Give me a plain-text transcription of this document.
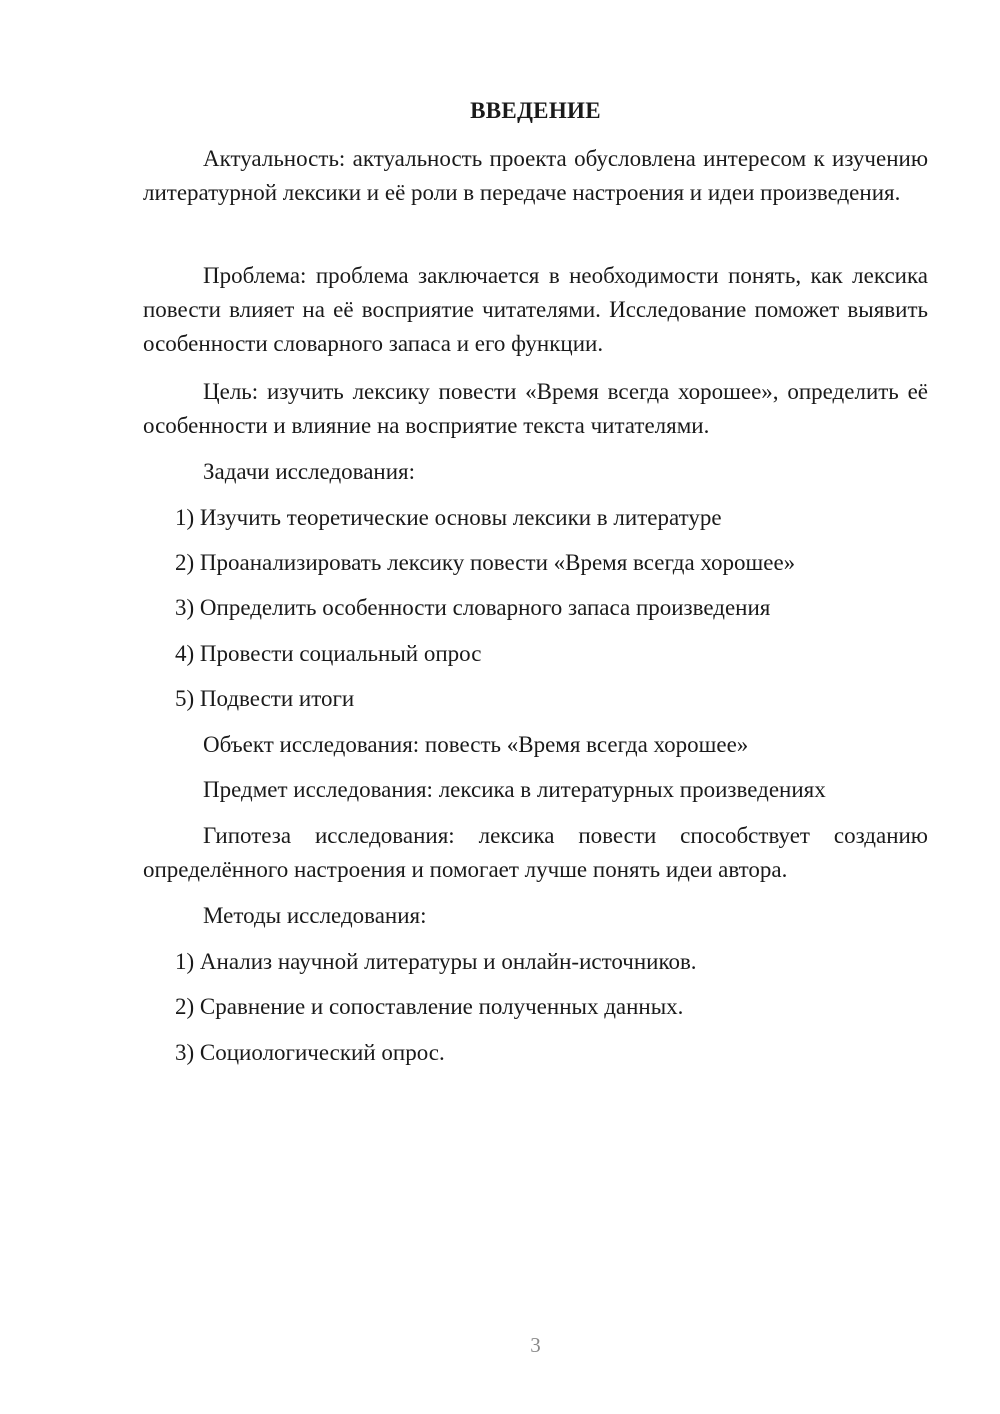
ВВЕДЕНИЕ

Актуальность: актуальность проекта обусловлена интересом к изучению литературной лексики и её роли в передаче настроения и идеи произведения.

Проблема: проблема заключается в необходимости понять, как лексика повести влияет на её восприятие читателями. Исследование поможет выявить особенности словарного запаса и его функции.

Цель: изучить лексику повести «Время всегда хорошее», определить её особенности и влияние на восприятие текста читателями.

Задачи исследования:

1) Изучить теоретические основы лексики в литературе

2) Проанализировать лексику повести «Время всегда хорошее»

3) Определить особенности словарного запаса произведения

4) Провести социальный опрос

5) Подвести итоги

Объект исследования: повесть «Время всегда хорошее»

Предмет исследования: лексика в литературных произведениях

Гипотеза исследования: лексика повести способствует созданию определённого настроения и помогает лучше понять идеи автора.

Методы исследования:

1) Анализ научной литературы и онлайн-источников.

2) Сравнение и сопоставление полученных данных.

3) Социологический опрос.

3
